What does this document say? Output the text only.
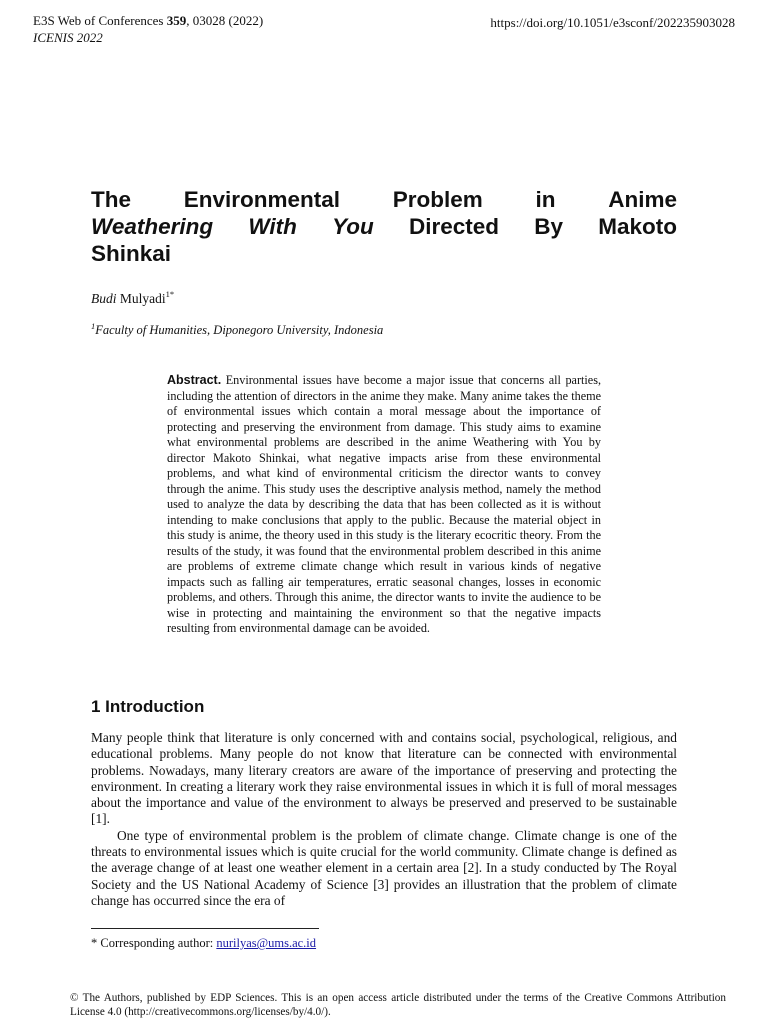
E3S Web of Conferences 359, 03028 (2022)
ICENIS 2022
https://doi.org/10.1051/e3sconf/202235903028
The Environmental Problem in Anime
Weathering With You Directed By Makoto
Shinkai
Budi Mulyadi$^{1*}$
$^1$Faculty of Humanities, Diponegoro University, Indonesia
Abstract. Environmental issues have become a major issue that concerns all parties, including the attention of directors in the anime they make. Many anime takes the theme of environmental issues which contain a moral message about the importance of protecting and preserving the environment from damage. This study aims to examine what environmental problems are described in the anime Weathering with You by director Makoto Shinkai, what negative impacts arise from these environmental problems, and what kind of environmental criticism the director wants to convey through the anime. This study uses the descriptive analysis method, namely the method used to analyze the data by describing the data that has been collected as it is without intending to make conclusions that apply to the public. Because the material object in this study is anime, the theory used in this study is the literary ecocritic theory. From the results of the study, it was found that the environmental problem described in this anime are problems of extreme climate change which result in various kinds of negative impacts such as falling air temperatures, erratic seasonal changes, losses in economic problems, and others. Through this anime, the director wants to invite the audience to be wise in protecting and maintaining the environment so that the negative impacts resulting from environmental damage can be avoided.
1 Introduction

Many people think that literature is only concerned with and contains social, psychological, religious, and educational problems. Many people do not know that literature can be connected with environmental problems. Nowadays, many literary creators are aware of the importance of preserving and protecting the environment. In creating a literary work they raise environmental issues in which it is full of moral messages about the importance and value of the environment to always be preserved and preserved to be sustainable [1].

One type of environmental problem is the problem of climate change. Climate change is one of the threats to environmental issues which is quite crucial for the world community. Climate change is defined as the average change of at least one weather element in a certain area [2]. In a study conducted by The Royal Society and the US National Academy of Science [3] provides an illustration that the problem of climate change has occurred since the era of

* Corresponding author: nurilyas@ums.ac.id
© The Authors, published by EDP Sciences. This is an open access article distributed under the terms of the Creative Commons Attribution License 4.0 (http://creativecommons.org/licenses/by/4.0/).
